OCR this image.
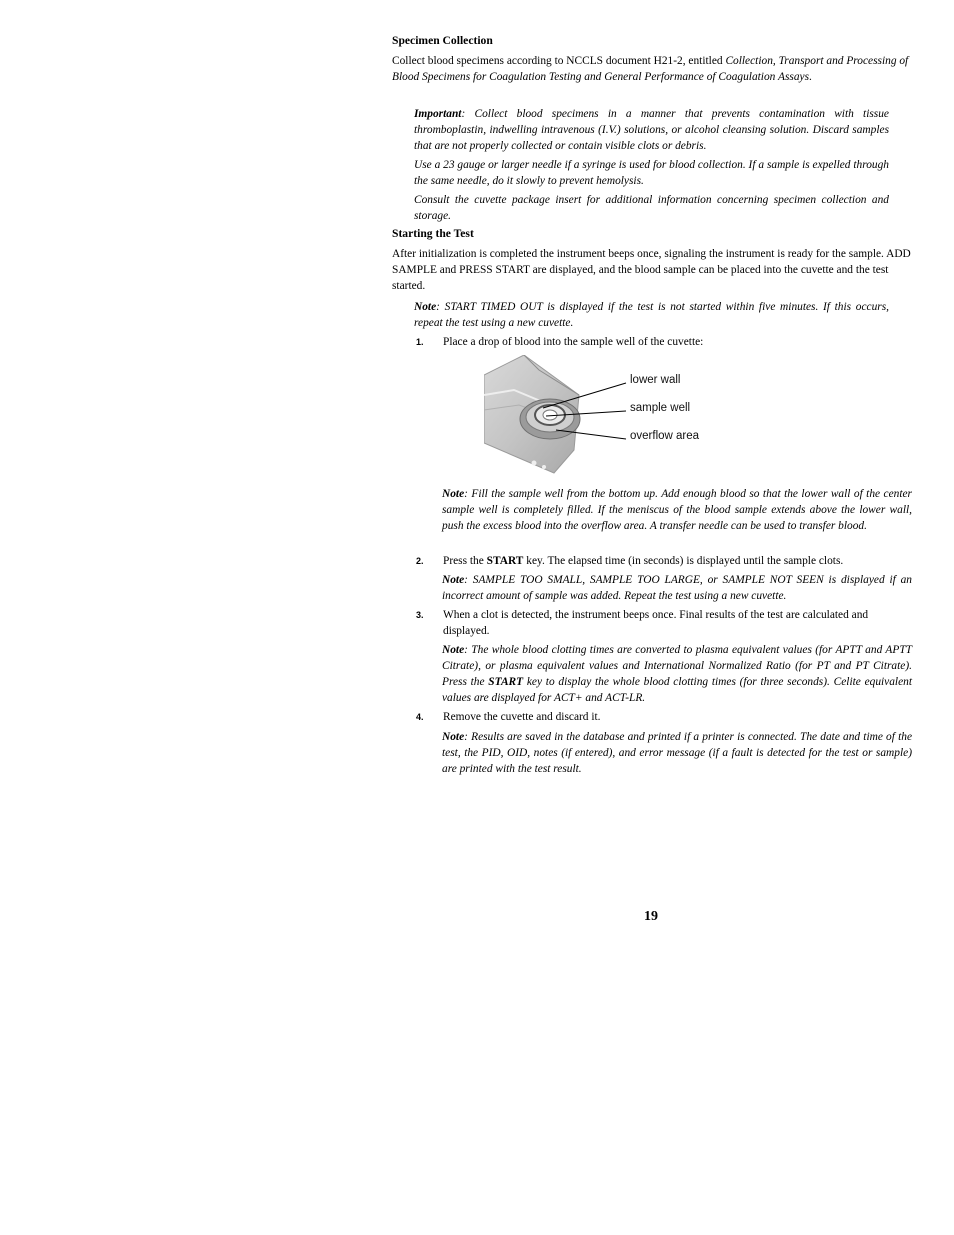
Specimen Collection
Collect blood specimens according to NCCLS document H21-2, entitled Collection, Transport and Processing of Blood Specimens for Coagulation Testing and General Performance of Coagulation Assays.
Important: Collect blood specimens in a manner that prevents contamination with tissue thromboplastin, indwelling intravenous (I.V.) solutions, or alcohol cleansing solution. Discard samples that are not properly collected or contain visible clots or debris.
Use a 23 gauge or larger needle if a syringe is used for blood collection. If a sample is expelled through the same needle, do it slowly to prevent hemolysis.
Consult the cuvette package insert for additional information concerning specimen collection and storage.
Starting the Test
After initialization is completed the instrument beeps once, signaling the instrument is ready for the sample. ADD SAMPLE and PRESS START are displayed, and the blood sample can be placed into the cuvette and the test started.
Note: START TIMED OUT is displayed if the test is not started within five minutes. If this occurs, repeat the test using a new cuvette.
1. Place a drop of blood into the sample well of the cuvette:
lower wall
sample well
overflow area
Note: Fill the sample well from the bottom up. Add enough blood so that the lower wall of the center sample well is completely filled. If the meniscus of the blood sample extends above the lower wall, push the excess blood into the overflow area. A transfer needle can be used to transfer blood.
2. Press the START key. The elapsed time (in seconds) is displayed until the sample clots.
Note: SAMPLE TOO SMALL, SAMPLE TOO LARGE, or SAMPLE NOT SEEN is displayed if an incorrect amount of sample was added. Repeat the test using a new cuvette.
3. When a clot is detected, the instrument beeps once. Final results of the test are calculated and displayed.
Note: The whole blood clotting times are converted to plasma equivalent values (for APTT and APTT Citrate), or plasma equivalent values and International Normalized Ratio (for PT and PT Citrate). Press the START key to display the whole blood clotting times (for three seconds). Celite equivalent values are displayed for ACT+ and ACT-LR.
4. Remove the cuvette and discard it.
Note: Results are saved in the database and printed if a printer is connected. The date and time of the test, the PID, OID, notes (if entered), and error message (if a fault is detected for the test or sample) are printed with the test result.
19
